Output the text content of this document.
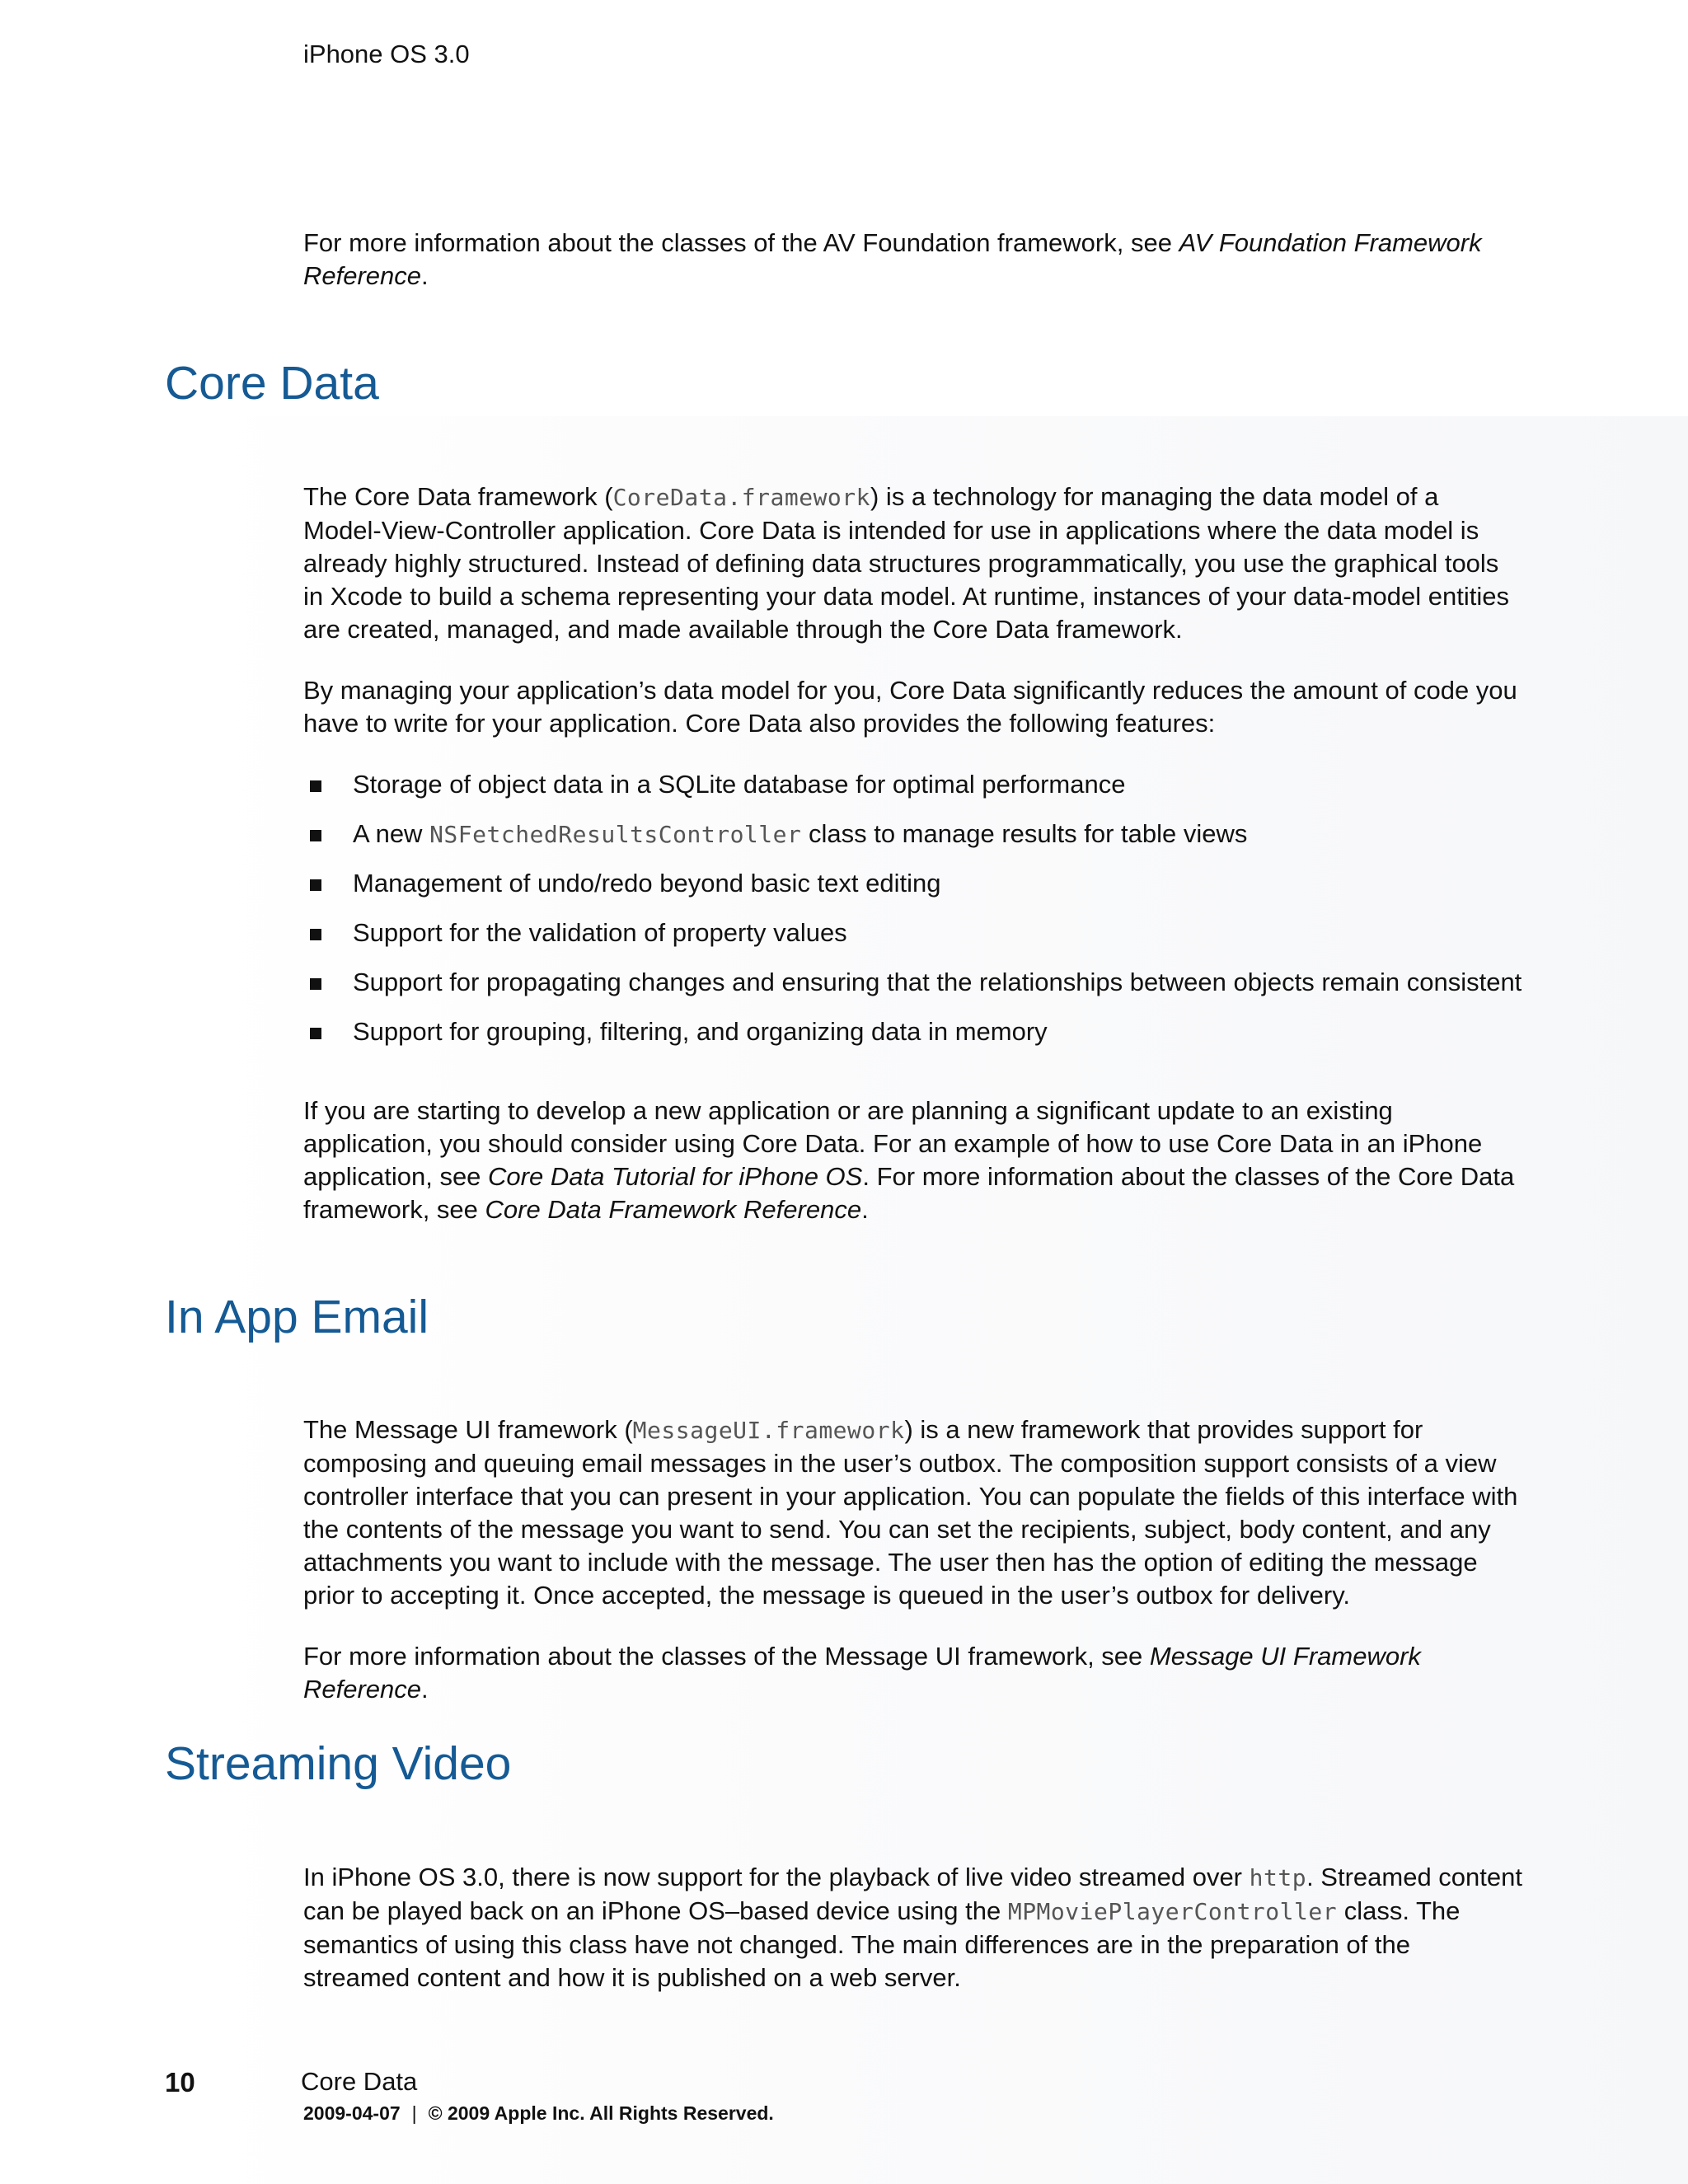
iPhone OS 3.0

For more information about the classes of the AV Foundation framework, see AV Foundation Framework Reference.

Core Data

The Core Data framework (CoreData.framework) is a technology for managing the data model of a Model-View-Controller application. Core Data is intended for use in applications where the data model is already highly structured. Instead of defining data structures programmatically, you use the graphical tools in Xcode to build a schema representing your data model. At runtime, instances of your data-model entities are created, managed, and made available through the Core Data framework.

By managing your application’s data model for you, Core Data significantly reduces the amount of code you have to write for your application. Core Data also provides the following features:

Storage of object data in a SQLite database for optimal performance
A new NSFetchedResultsController class to manage results for table views
Management of undo/redo beyond basic text editing
Support for the validation of property values
Support for propagating changes and ensuring that the relationships between objects remain consistent
Support for grouping, filtering, and organizing data in memory

If you are starting to develop a new application or are planning a significant update to an existing application, you should consider using Core Data. For an example of how to use Core Data in an iPhone application, see Core Data Tutorial for iPhone OS. For more information about the classes of the Core Data framework, see Core Data Framework Reference.

In App Email

The Message UI framework (MessageUI.framework) is a new framework that provides support for composing and queuing email messages in the user’s outbox. The composition support consists of a view controller interface that you can present in your application. You can populate the fields of this interface with the contents of the message you want to send. You can set the recipients, subject, body content, and any attachments you want to include with the message. The user then has the option of editing the message prior to accepting it. Once accepted, the message is queued in the user’s outbox for delivery.

For more information about the classes of the Message UI framework, see Message UI Framework Reference.

Streaming Video

In iPhone OS 3.0, there is now support for the playback of live video streamed over http. Streamed content can be played back on an iPhone OS–based device using the MPMoviePlayerController class. The semantics of using this class have not changed. The main differences are in the preparation of the streamed content and how it is published on a web server.

10	Core Data
2009-04-07 | © 2009 Apple Inc. All Rights Reserved.
